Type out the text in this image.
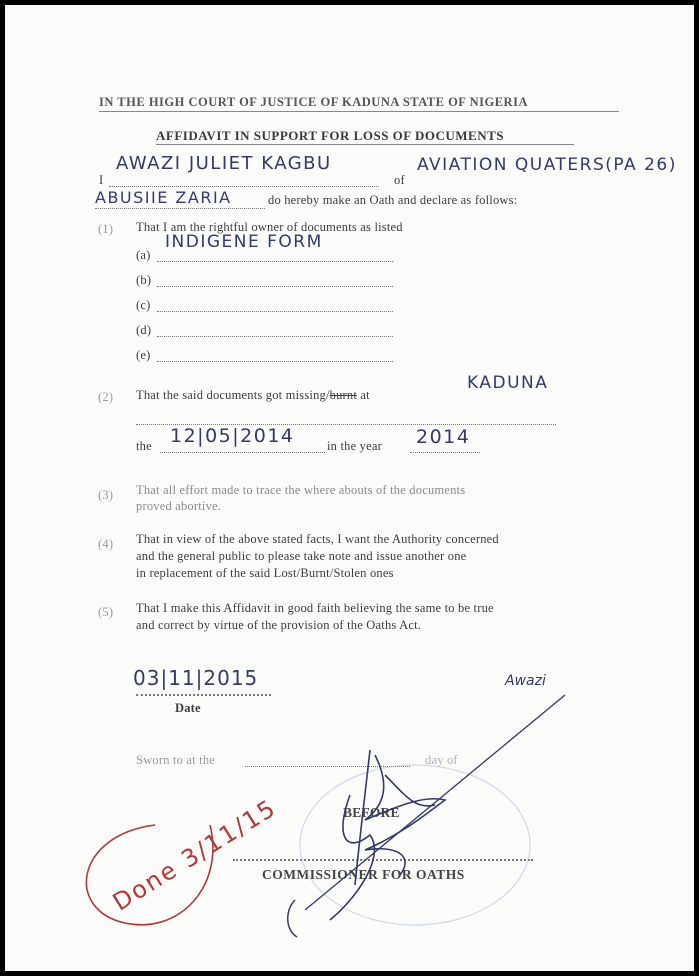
IN THE HIGH COURT OF JUSTICE OF KADUNA STATE OF NIGERIA
AFFIDAVIT IN SUPPORT FOR LOSS OF DOCUMENTS
I
AWAZI JULIET KAGBU
of
AVIATION QUATERS(PA 26)
ABUSIIE ZARIA	do hereby make an Oath and declare as follows:
(1) That I am the rightful owner of documents as listed
(a)
INDIGENE FORM
(b)
(c)
(d)
(e)
(2) That the said documents got missing/burnt at
KADUNA
the 12|05|2014	in the year 2014
(3) That all effort made to trace the where abouts of the documents
proved abortive.
(4) That in view of the above stated facts, I want the Authority concerned
and the general public to please take note and issue another one
in replacement of the said Lost/Burnt/Stolen ones
(5) That I make this Affidavit in good faith believing the same to be true
and correct by virtue of the provision of the Oaths Act.
03|11|2015
Date
Awazi
Sworn to at the	day of
BEFORE
COMMISSIONER FOR OATHS
Done 3/11/15
